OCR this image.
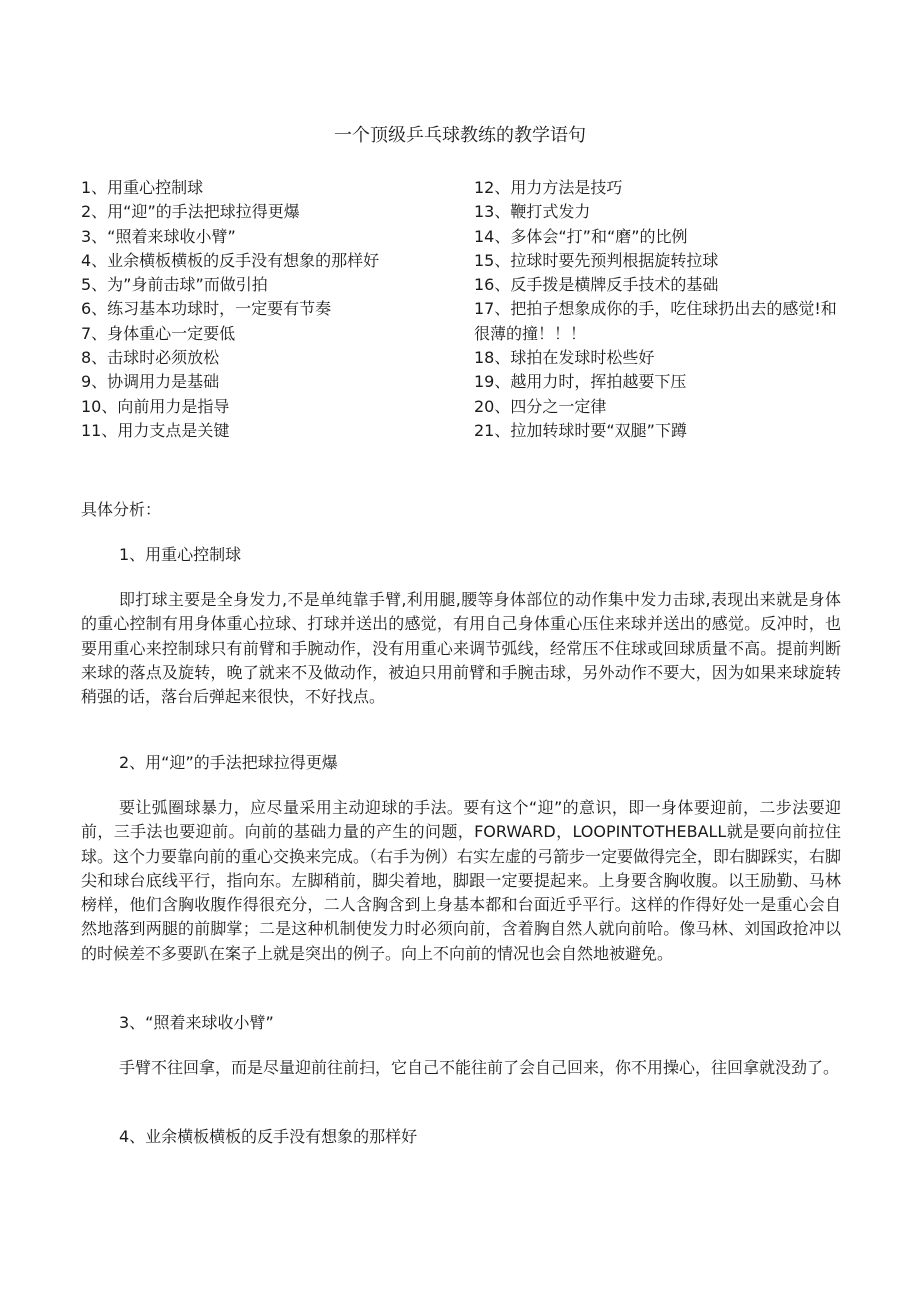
一个顶级乒乓球教练的教学语句
1、用重心控制球
2、用“迎”的手法把球拉得更爆
3、“照着来球收小臂”
4、业余横板横板的反手没有想象的那样好
5、为”身前击球”而做引拍
6、练习基本功球时，一定要有节奏
7、身体重心一定要低
8、击球时必须放松
9、协调用力是基础
10、向前用力是指导
11、用力支点是关键
12、用力方法是技巧
13、鞭打式发力
14、多体会“打”和“磨”的比例
15、拉球时要先预判根据旋转拉球
16、反手拨是横牌反手技术的基础
17、把拍子想象成你的手，吃住球扔出去的感觉!和很薄的撞！！！
18、球拍在发球时松些好
19、越用力时，挥拍越要下压
20、四分之一定律
21、拉加转球时要“双腿”下蹲
具体分析：
1、用重心控制球
即打球主要是全身发力,不是单纯靠手臂,利用腿,腰等身体部位的动作集中发力击球,表现出来就是身体的重心控制有用身体重心拉球、打球并送出的感觉，有用自己身体重心压住来球并送出的感觉。反冲时，也要用重心来控制球只有前臂和手腕动作，没有用重心来调节弧线，经常压不住球或回球质量不高。提前判断来球的落点及旋转，晚了就来不及做动作，被迫只用前臂和手腕击球，另外动作不要大，因为如果来球旋转稍强的话，落台后弹起来很快，不好找点。
2、用“迎”的手法把球拉得更爆
要让弧圈球暴力，应尽量采用主动迎球的手法。要有这个“迎”的意识，即一身体要迎前，二步法要迎前，三手法也要迎前。向前的基础力量的产生的问题，FORWARD，LOOPINTOTHEBALL就是要向前拉住球。这个力要靠向前的重心交换来完成。（右手为例）右实左虚的弓箭步一定要做得完全，即右脚踩实，右脚尖和球台底线平行，指向东。左脚稍前，脚尖着地，脚跟一定要提起来。上身要含胸收腹。以王励勤、马林榜样，他们含胸收腹作得很充分，二人含胸含到上身基本都和台面近乎平行。这样的作得好处一是重心会自然地落到两腿的前脚掌；二是这种机制使发力时必须向前，含着胸自然人就向前哈。像马林、刘国政抢冲以的时候差不多要趴在案子上就是突出的例子。向上不向前的情况也会自然地被避免。
3、“照着来球收小臂”
手臂不往回拿，而是尽量迎前往前扫，它自己不能往前了会自己回来，你不用操心，往回拿就没劲了。
4、业余横板横板的反手没有想象的那样好
